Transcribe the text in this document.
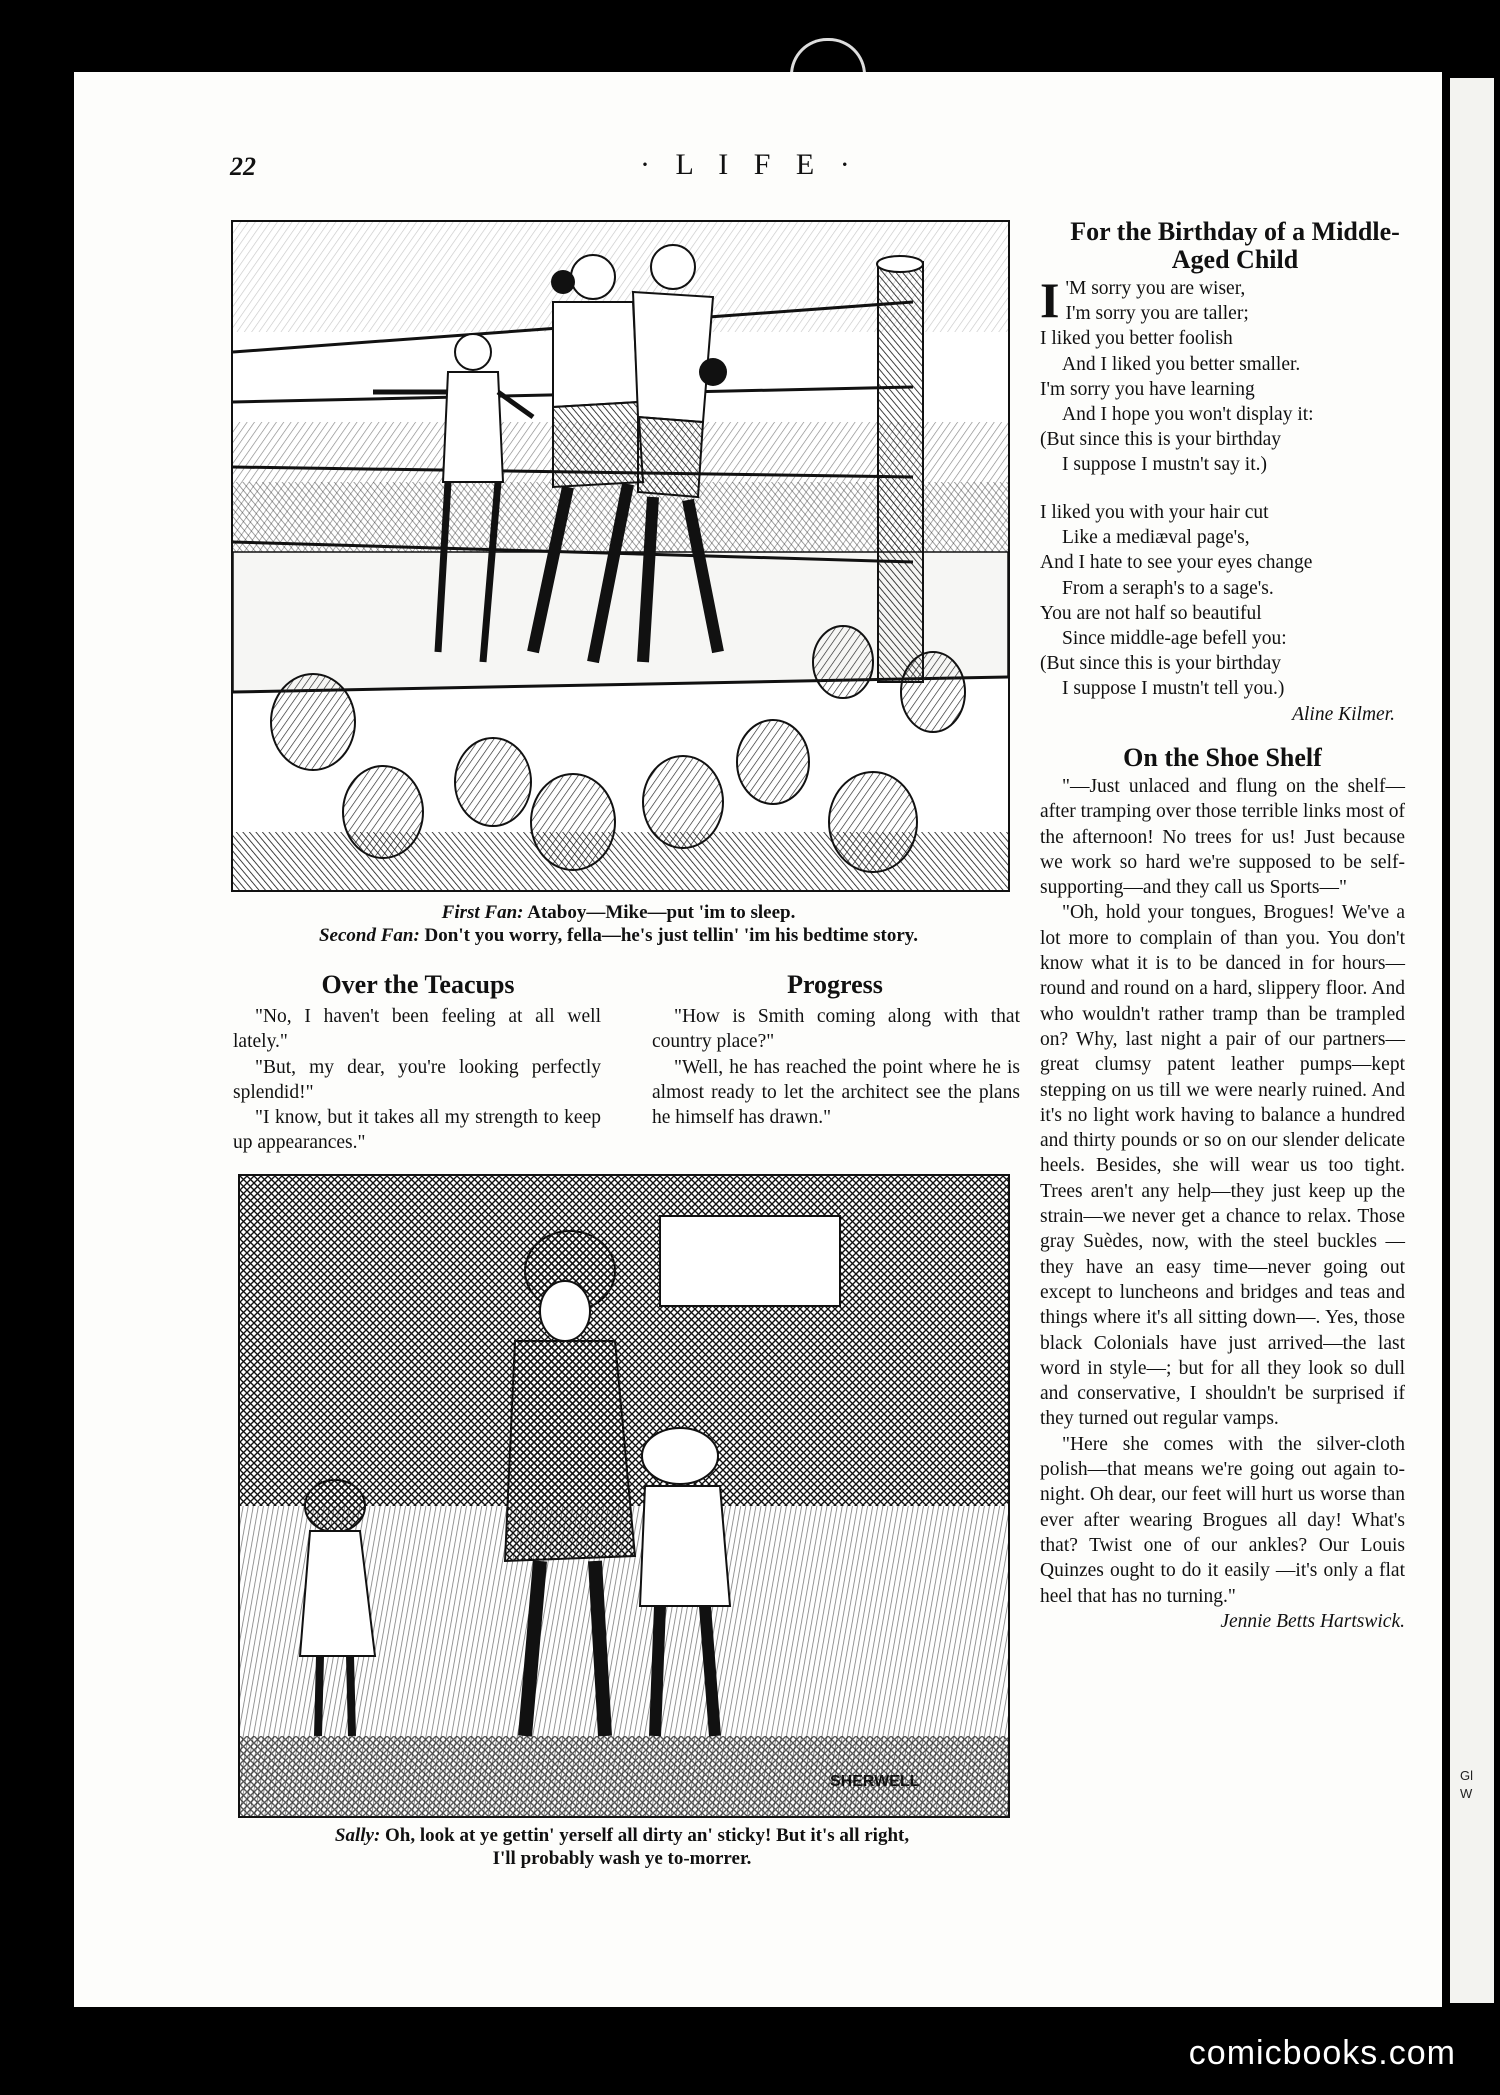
Gl
W
22	· L I F E ·
First Fan: Ataboy—Mike—put 'im to sleep.
Second Fan: Don't you worry, fella—he's just tellin' 'im his bedtime story.
Over the Teacups

"No, I haven't been feeling at all well lately."

"But, my dear, you're looking perfectly splendid!"

"I know, but it takes all my strength to keep up appearances."

Progress

"How is Smith coming along with that country place?"

"Well, he has reached the point where he is almost ready to let the architect see the plans he himself has drawn."

SHERWELL
Sally: Oh, look at ye gettin' yerself all dirty an' sticky! But it's all right,
I'll probably wash ye to-morrer.
For the Birthday of a Middle-
Aged Child
I 'M sorry you are wiser,
I'm sorry you are taller;
I liked you better foolish
And I liked you better smaller.
I'm sorry you have learning
And I hope you won't display it:
(But since this is your birthday
I suppose I mustn't say it.)
I liked you with your hair cut
Like a mediæval page's,
And I hate to see your eyes change
From a seraph's to a sage's.
You are not half so beautiful
Since middle-age befell you:
(But since this is your birthday
I suppose I mustn't tell you.)
Aline Kilmer.
On the Shoe Shelf

"—Just unlaced and flung on the shelf—after tramping over those terrible links most of the afternoon! No trees for us! Just because we work so hard we're supposed to be self-supporting—and they call us Sports—"

"Oh, hold your tongues, Brogues! We've a lot more to complain of than you. You don't know what it is to be danced in for hours—round and round on a hard, slippery floor. And who wouldn't rather tramp than be trampled on? Why, last night a pair of our partners—great clumsy patent leather pumps—kept stepping on us till we were nearly ruined. And it's no light work having to balance a hundred and thirty pounds or so on our slender delicate heels. Besides, she will wear us too tight. Trees aren't any help—they just keep up the strain—we never get a chance to relax. Those gray Suèdes, now, with the steel buckles —they have an easy time—never going out except to luncheons and bridges and teas and things where it's all sitting down—. Yes, those black Colonials have just arrived—the last word in style—; but for all they look so dull and conservative, I shouldn't be surprised if they turned out regular vamps.

"Here she comes with the silver-cloth polish—that means we're going out again to-night. Oh dear, our feet will hurt us worse than ever after wearing Brogues all day! What's that? Twist one of our ankles? Our Louis Quinzes ought to do it easily —it's only a flat heel that has no turning."

Jennie Betts Hartswick.
comicbooks.com
